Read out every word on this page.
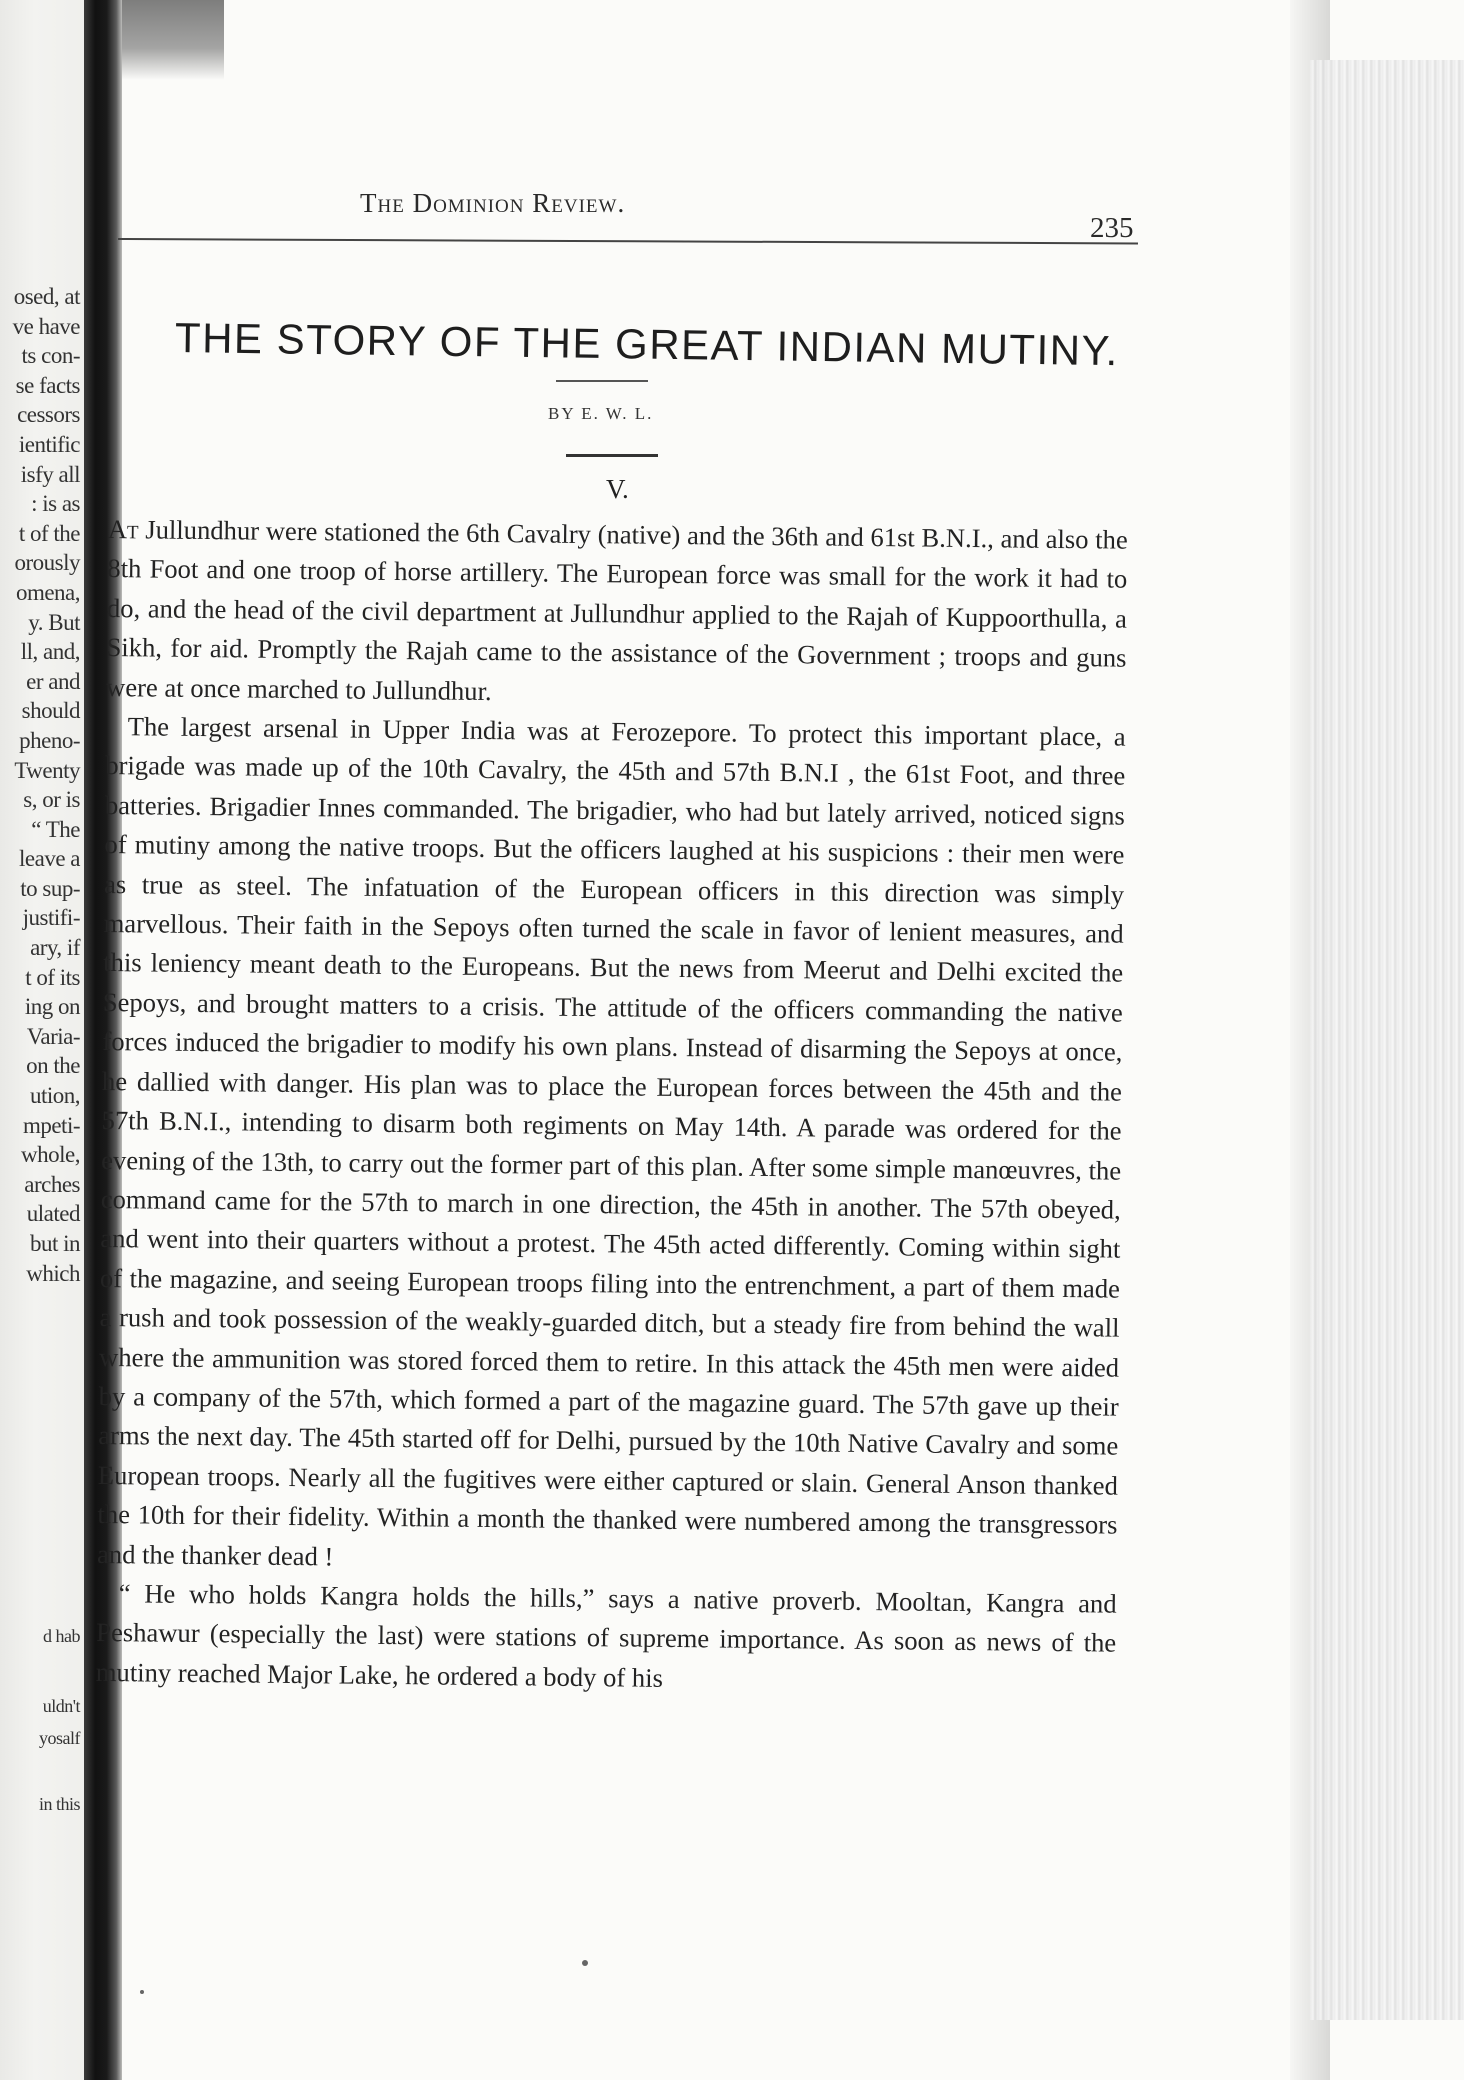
osed, at
ve have
ts con-
se facts
cessors
ientific
isfy all
: is as
t of the
orously
omena,
y. But
ll, and,
er and
should
pheno-
Twenty
s, or is
“ The
leave a
to sup-
justifi-
ary, if
t of its
ing on
Varia-
on the
ution,
mpeti-
whole,
arches
ulated
but in
which
d hab
uldn't
yosalf
in this
The Dominion Review.
235
THE STORY OF THE GREAT INDIAN MUTINY.
BY E. W. L.
V.

At Jullundhur were stationed the 6th Cavalry (native) and the 36th and 61st B.N.I., and also the 8th Foot and one troop of horse artillery. The European force was small for the work it had to do, and the head of the civil department at Jullundhur applied to the Rajah of Kuppoorthulla, a Sikh, for aid. Promptly the Rajah came to the assistance of the Government ; troops and guns were at once marched to Jullundhur.

The largest arsenal in Upper India was at Ferozepore. To protect this important place, a brigade was made up of the 10th Cavalry, the 45th and 57th B.N.I , the 61st Foot, and three batteries. Brigadier Innes commanded. The brigadier, who had but lately arrived, noticed signs of mutiny among the native troops. But the officers laughed at his suspicions : their men were as true as steel. The infatuation of the European officers in this direction was simply marvellous. Their faith in the Sepoys often turned the scale in favor of lenient measures, and this leniency meant death to the Europeans. But the news from Meerut and Delhi excited the Sepoys, and brought matters to a crisis. The attitude of the officers commanding the native forces induced the brigadier to modify his own plans. Instead of disarming the Sepoys at once, he dallied with danger. His plan was to place the European forces between the 45th and the 57th B.N.I., intending to disarm both regiments on May 14th. A parade was ordered for the evening of the 13th, to carry out the former part of this plan. After some simple manœuvres, the command came for the 57th to march in one direction, the 45th in another. The 57th obeyed, and went into their quarters without a protest. The 45th acted differently. Coming within sight of the magazine, and seeing European troops filing into the entrenchment, a part of them made a rush and took possession of the weakly-guarded ditch, but a steady fire from behind the wall where the ammunition was stored forced them to retire. In this attack the 45th men were aided by a company of the 57th, which formed a part of the magazine guard. The 57th gave up their arms the next day. The 45th started off for Delhi, pursued by the 10th Native Cavalry and some European troops. Nearly all the fugitives were either captured or slain. General Anson thanked the 10th for their fidelity. Within a month the thanked were numbered among the transgressors and the thanker dead !

“ He who holds Kangra holds the hills,” says a native proverb. Mooltan, Kangra and Peshawur (especially the last) were stations of supreme importance. As soon as news of the mutiny reached Major Lake, he ordered a body of his
